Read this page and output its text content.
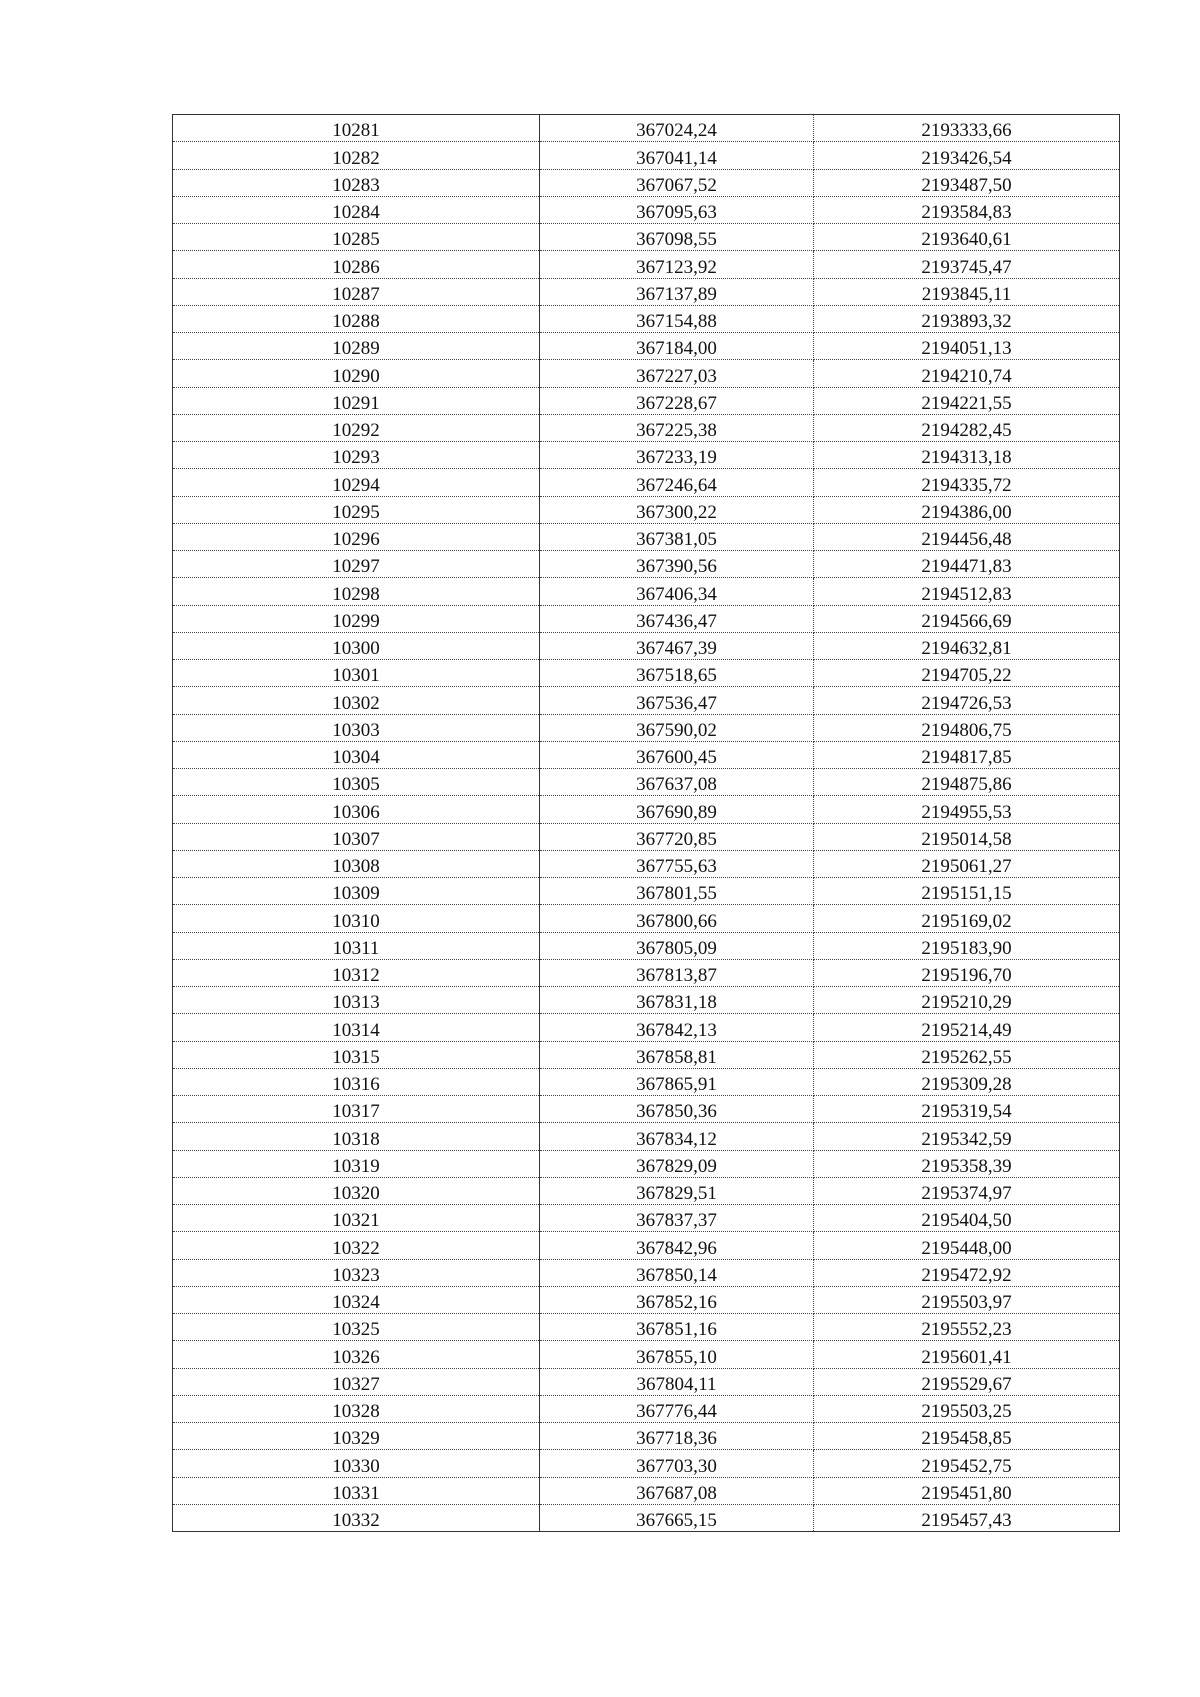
10281	367024,24	2193333,66
10282	367041,14	2193426,54
10283	367067,52	2193487,50
10284	367095,63	2193584,83
10285	367098,55	2193640,61
10286	367123,92	2193745,47
10287	367137,89	2193845,11
10288	367154,88	2193893,32
10289	367184,00	2194051,13
10290	367227,03	2194210,74
10291	367228,67	2194221,55
10292	367225,38	2194282,45
10293	367233,19	2194313,18
10294	367246,64	2194335,72
10295	367300,22	2194386,00
10296	367381,05	2194456,48
10297	367390,56	2194471,83
10298	367406,34	2194512,83
10299	367436,47	2194566,69
10300	367467,39	2194632,81
10301	367518,65	2194705,22
10302	367536,47	2194726,53
10303	367590,02	2194806,75
10304	367600,45	2194817,85
10305	367637,08	2194875,86
10306	367690,89	2194955,53
10307	367720,85	2195014,58
10308	367755,63	2195061,27
10309	367801,55	2195151,15
10310	367800,66	2195169,02
10311	367805,09	2195183,90
10312	367813,87	2195196,70
10313	367831,18	2195210,29
10314	367842,13	2195214,49
10315	367858,81	2195262,55
10316	367865,91	2195309,28
10317	367850,36	2195319,54
10318	367834,12	2195342,59
10319	367829,09	2195358,39
10320	367829,51	2195374,97
10321	367837,37	2195404,50
10322	367842,96	2195448,00
10323	367850,14	2195472,92
10324	367852,16	2195503,97
10325	367851,16	2195552,23
10326	367855,10	2195601,41
10327	367804,11	2195529,67
10328	367776,44	2195503,25
10329	367718,36	2195458,85
10330	367703,30	2195452,75
10331	367687,08	2195451,80
10332	367665,15	2195457,43
